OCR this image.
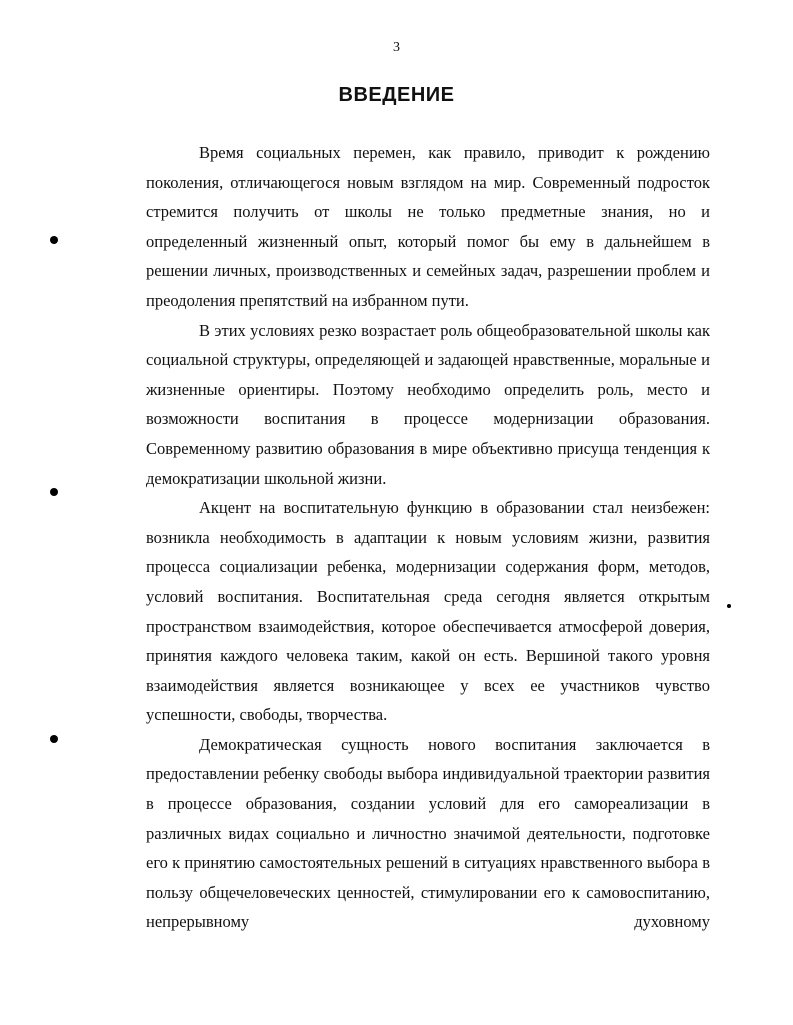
3
ВВЕДЕНИЕ

Время социальных перемен, как правило, приводит к рождению поколения, отличающегося новым взглядом на мир. Современный подросток стремится получить от школы не только предметные знания, но и определенный жизненный опыт, который помог бы ему в дальнейшем в решении личных, производственных и семейных задач, разрешении проблем и преодоления препятствий на избранном пути.

В этих условиях резко возрастает роль общеобразовательной школы как социальной структуры, определяющей и задающей нравственные, моральные и жизненные ориентиры. Поэтому необходимо определить роль, место и возможности воспитания в процессе модернизации образования. Современному развитию образования в мире объективно присуща тенденция к демократизации школьной жизни.

Акцент на воспитательную функцию в образовании стал неизбежен: возникла необходимость в адаптации к новым условиям жизни, развития процесса социализации ребенка, модернизации содержания форм, методов, условий воспитания. Воспитательная среда сегодня является открытым пространством взаимодействия, которое обеспечивается атмосферой доверия, принятия каждого человека таким, какой он есть. Вершиной такого уровня взаимодействия является возникающее у всех ее участников чувство успешности, свободы, творчества.

Демократическая сущность нового воспитания заключается в предоставлении ребенку свободы выбора индивидуальной траектории развития в процессе образования, создании условий для его самореализации в различных видах социально и личностно значимой деятельности, подготовке его к принятию самостоятельных решений в ситуациях нравственного выбора в пользу общечеловеческих ценностей, стимулировании его к самовоспитанию, непрерывному духовному
